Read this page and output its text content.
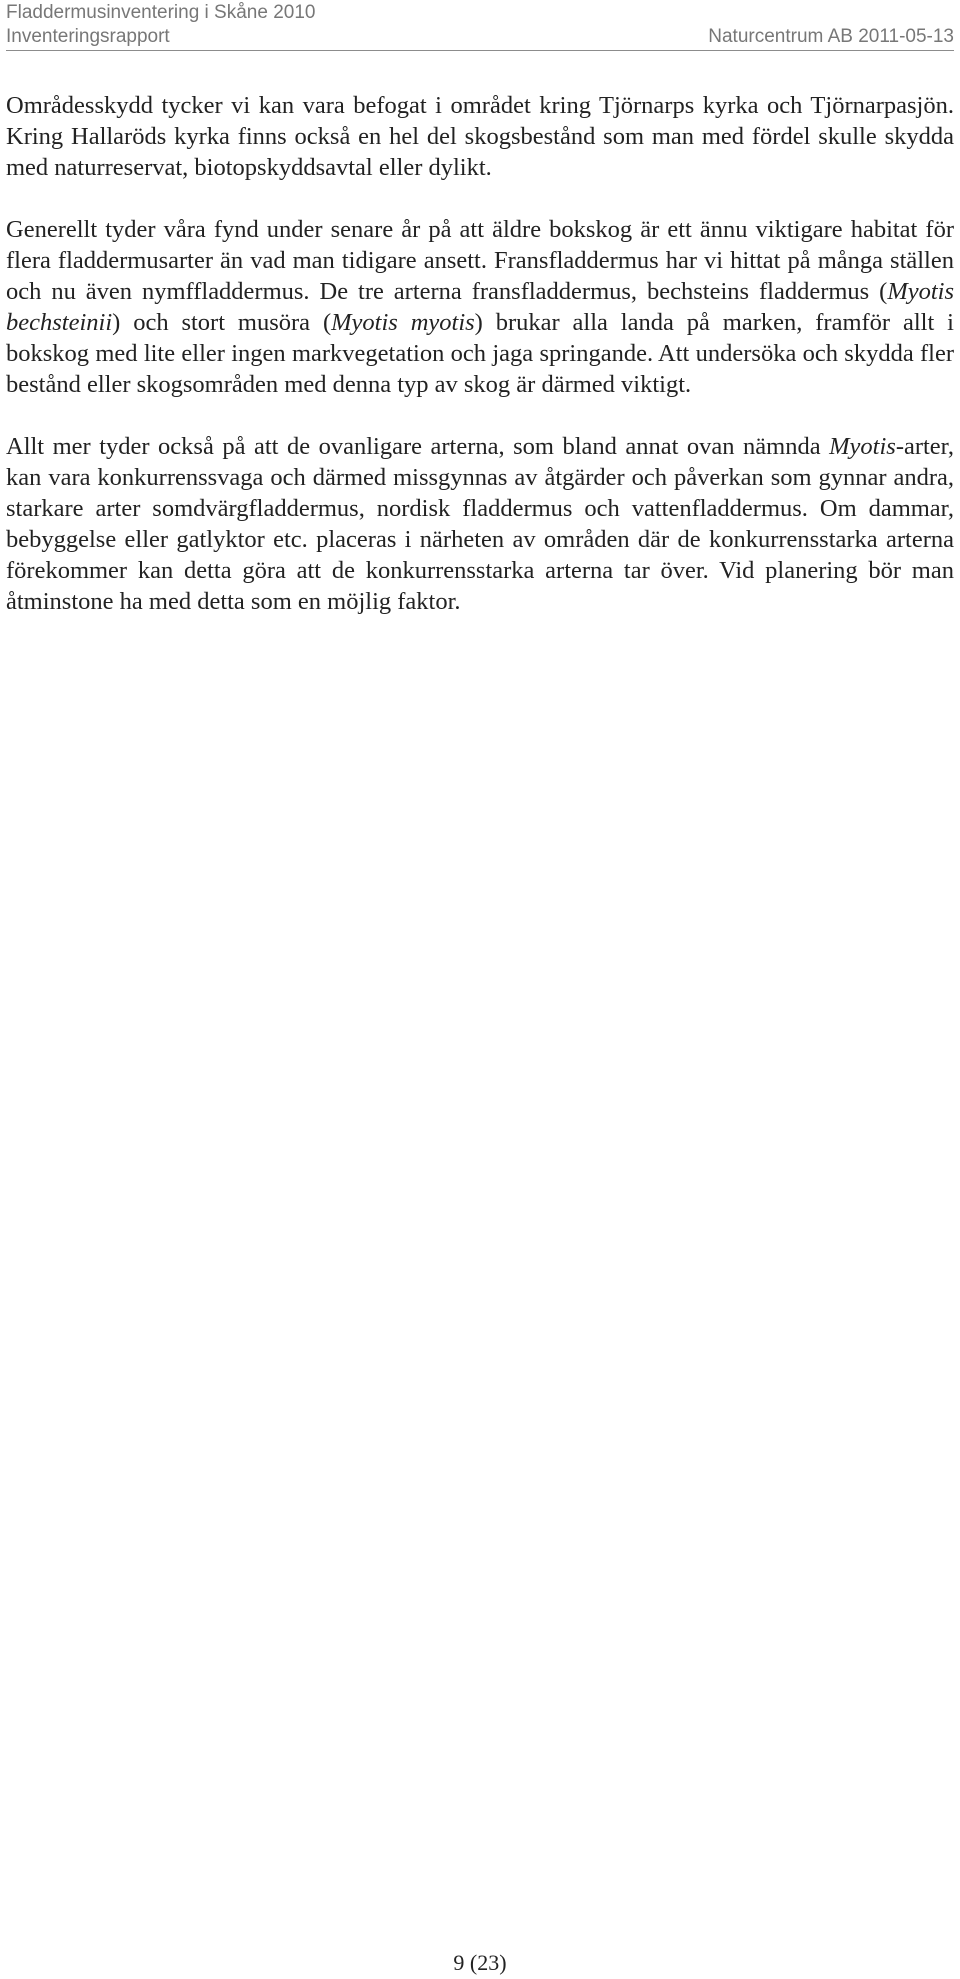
Fladdermusinventering i Skåne 2010
Inventeringsrapport	Naturcentrum AB 2011-05-13

Områdesskydd tycker vi kan vara befogat i området kring Tjörnarps kyrka och Tjörnarpasjön. Kring Hallaröds kyrka finns också en hel del skogsbestånd som man med fördel skulle skydda med naturreservat, biotopskyddsavtal eller dylikt.

Generellt tyder våra fynd under senare år på att äldre bokskog är ett ännu viktigare habitat för flera fladdermusarter än vad man tidigare ansett. Fransfladdermus har vi hittat på många ställen och nu även nymffladdermus. De tre arterna fransfladdermus, bechsteins fladdermus (Myotis bechsteinii) och stort musöra (Myotis myotis) brukar alla landa på marken, framför allt i bokskog med lite eller ingen markvegetation och jaga springande. Att undersöka och skydda fler bestånd eller skogsområden med denna typ av skog är därmed viktigt.

Allt mer tyder också på att de ovanligare arterna, som bland annat ovan nämnda Myotis-arter, kan vara konkurrenssvaga och därmed missgynnas av åtgärder och påverkan som gynnar andra, starkare arter somdvärgfladdermus, nordisk fladdermus och vattenfladdermus. Om dammar, bebyggelse eller gatlyktor etc. placeras i närheten av områden där de konkurrensstarka arterna förekommer kan detta göra att de konkurrensstarka arterna tar över. Vid planering bör man åtminstone ha med detta som en möjlig faktor.

9 (23)
